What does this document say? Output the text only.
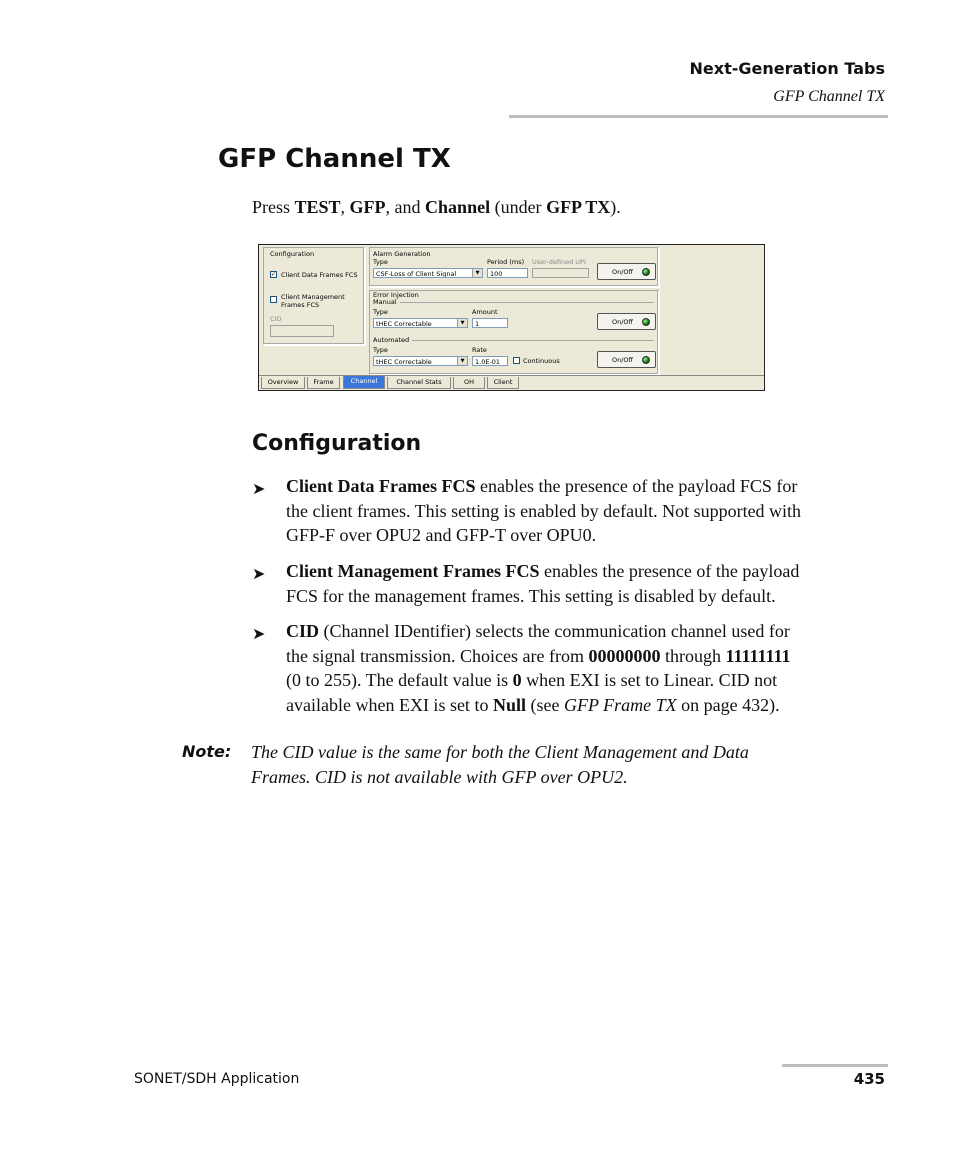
Next-Generation Tabs
GFP Channel TX
GFP Channel TX
Press TEST, GFP, and Channel (under GFP TX).
Configuration
✓ Client Data Frames FCS
Client Management
Frames FCS
CID
Alarm Generation
Type
CSF-Loss of Client Signal	▼
Period (ms)
100
User-defined UPI
On/Off
Error Injection
Manual
Type
tHEC Correctable	▼
Amount
1	On/Off
Automated
Type
tHEC Correctable	▼
Rate
1.0E-01	Continuous	On/Off
Overview	Frame	Channel	Channel Stats	OH	Client
Configuration
➤ Client Data Frames FCS enables the presence of the payload FCS for
the client frames. This setting is enabled by default. Not supported with
GFP-F over OPU2 and GFP-T over OPU0.
➤ Client Management Frames FCS enables the presence of the payload
FCS for the management frames. This setting is disabled by default.
➤ CID (Channel IDentifier) selects the communication channel used for
the signal transmission. Choices are from 00000000 through 11111111
(0 to 255). The default value is 0 when EXI is set to Linear. CID not
available when EXI is set to Null (see GFP Frame TX on page 432).
Note: The CID value is the same for both the Client Management and Data
Frames. CID is not available with GFP over OPU2.
SONET/SDH Application	435
